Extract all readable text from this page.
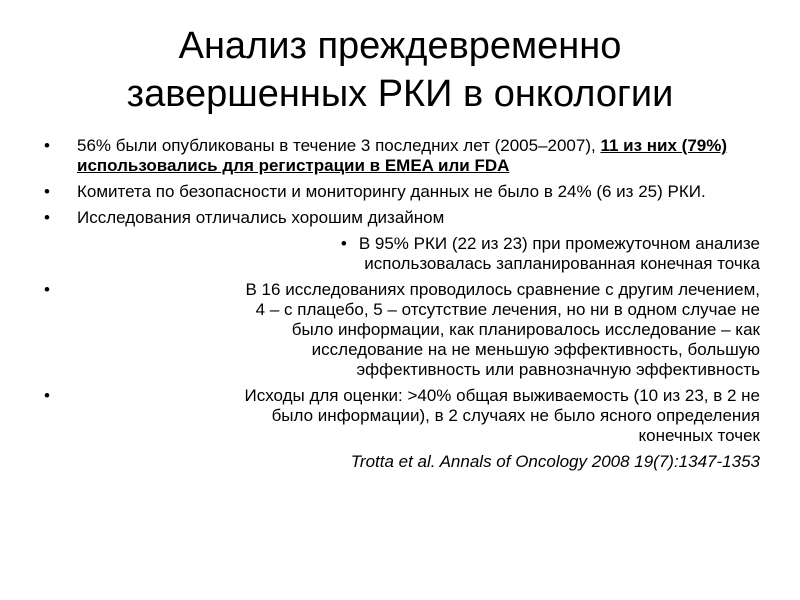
Анализ преждевременно
завершенных РКИ в онкологии
• 56% были опубликованы в течение 3 последних лет (2005–2007), 11 из них (79%) использовались для регистрации в EMEA или FDA
• Комитета по безопасности и мониторингу данных не было в 24% (6 из 25) РКИ.
• Исследования отличались хорошим дизайном
• В 95% РКИ (22 из 23) при промежуточном анализе
использовалась запланированная конечная точка
•	В 16 исследованиях проводилось сравнение с другим лечением,
4 – с плацебо, 5 – отсутствие лечения, но ни в одном случае не
было информации, как планировалось исследование – как
исследование на не меньшую эффективность, большую
эффективность или равнозначную эффективность
•	Исходы для оценки: >40% общая выживаемость (10 из 23, в 2 не
было информации), в 2 случаях не было ясного определения
конечных точек
Trotta et al. Annals of Oncology 2008 19(7):1347-1353
